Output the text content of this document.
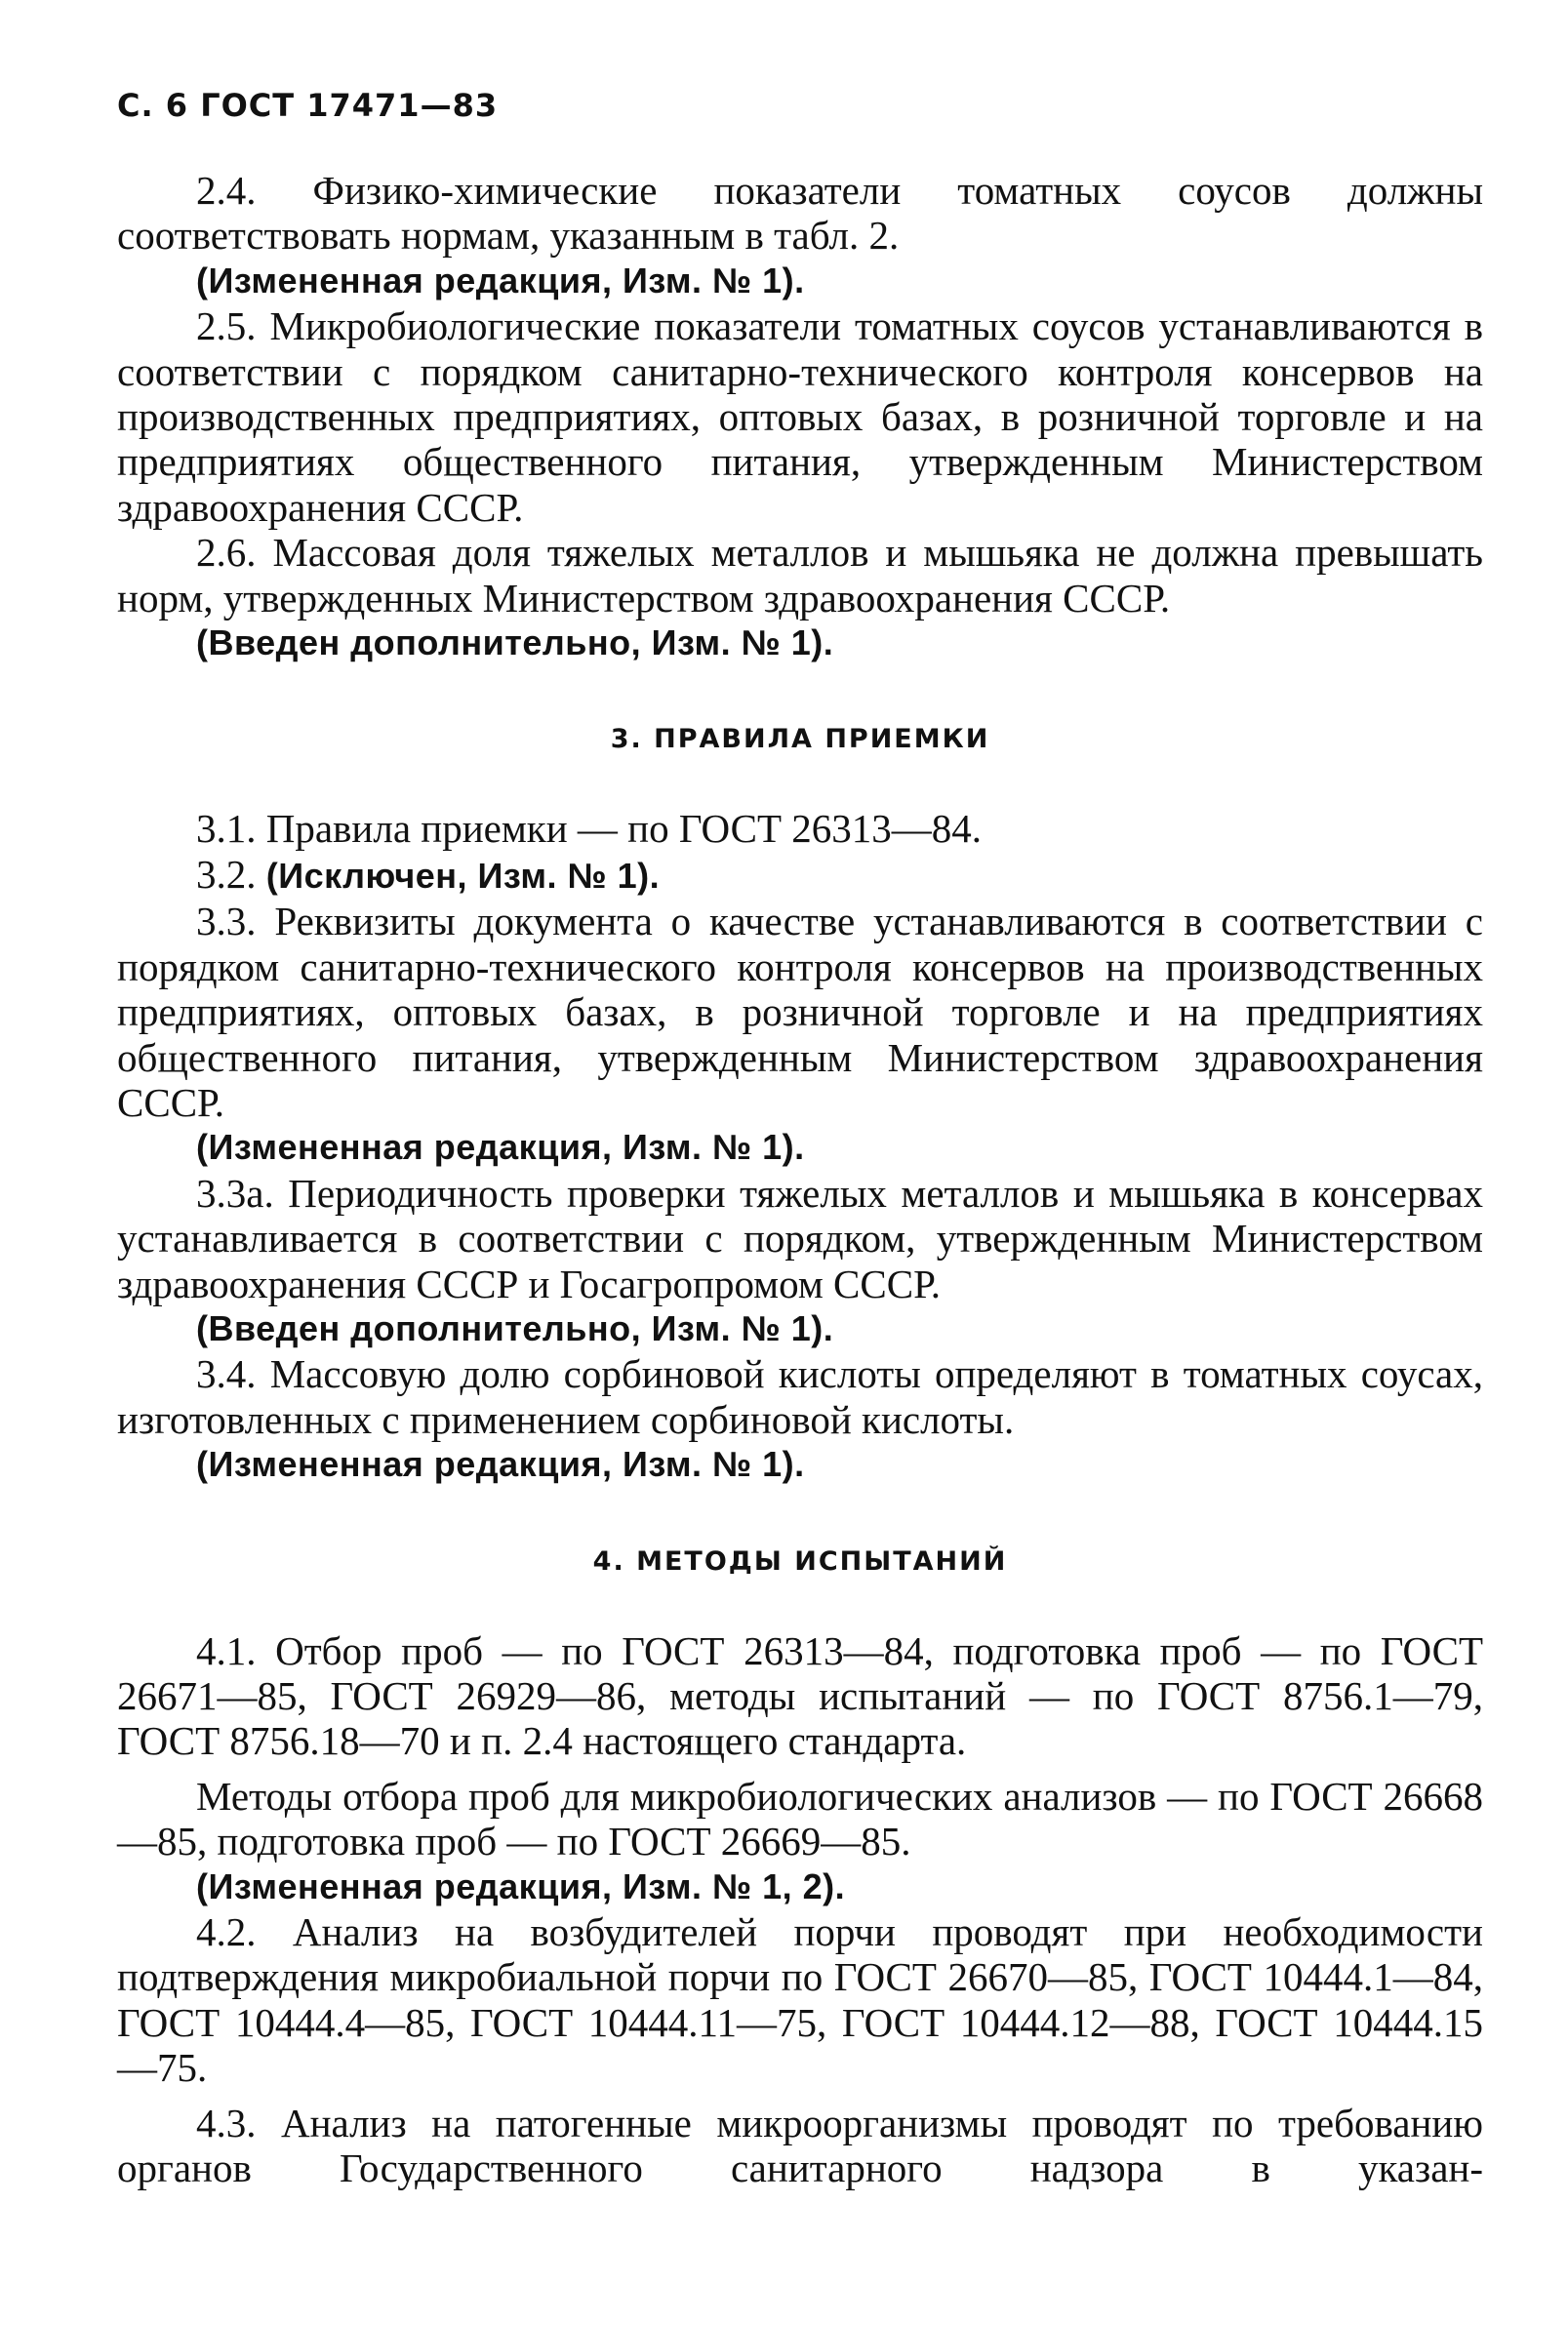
С. 6 ГОСТ 17471—83

2.4. Физико-химические показатели томатных соусов должны соответствовать нормам, указанным в табл. 2.

(Измененная редакция, Изм. № 1).

2.5. Микробиологические показатели томатных соусов устанавливаются в соответствии с порядком санитарно-технического контроля консервов на производственных предприятиях, оптовых базах, в розничной торговле и на предприятиях общественного питания, утвержденным Министерством здравоохранения СССР.

2.6. Массовая доля тяжелых металлов и мышьяка не должна превышать норм, утвержденных Министерством здравоохранения СССР.

(Введен дополнительно, Изм. № 1).

3. ПРАВИЛА ПРИЕМКИ

3.1. Правила приемки — по ГОСТ 26313—84.

3.2. (Исключен, Изм. № 1).

3.3. Реквизиты документа о качестве устанавливаются в соответствии с порядком санитарно-технического контроля консервов на производственных предприятиях, оптовых базах, в розничной торговле и на предприятиях общественного питания, утвержденным Министерством здравоохранения СССР.

(Измененная редакция, Изм. № 1).

3.3а. Периодичность проверки тяжелых металлов и мышьяка в консервах устанавливается в соответствии с порядком, утвержденным Министерством здравоохранения СССР и Госагропромом СССР.

(Введен дополнительно, Изм. № 1).

3.4. Массовую долю сорбиновой кислоты определяют в томатных соусах, изготовленных с применением сорбиновой кислоты.

(Измененная редакция, Изм. № 1).

4. МЕТОДЫ ИСПЫТАНИЙ

4.1. Отбор проб — по ГОСТ 26313—84, подготовка проб — по ГОСТ 26671—85, ГОСТ 26929—86, методы испытаний — по ГОСТ 8756.1—79, ГОСТ 8756.18—70 и п. 2.4 настоящего стандарта.

Методы отбора проб для микробиологических анализов — по ГОСТ 26668—85, подготовка проб — по ГОСТ 26669—85.

(Измененная редакция, Изм. № 1, 2).

4.2. Анализ на возбудителей порчи проводят при необходимости подтверждения микробиальной порчи по ГОСТ 26670—85, ГОСТ 10444.1—84, ГОСТ 10444.4—85, ГОСТ 10444.11—75, ГОСТ 10444.12—88, ГОСТ 10444.15—75.

4.3. Анализ на патогенные микроорганизмы проводят по требованию органов Государственного санитарного надзора в указан-
